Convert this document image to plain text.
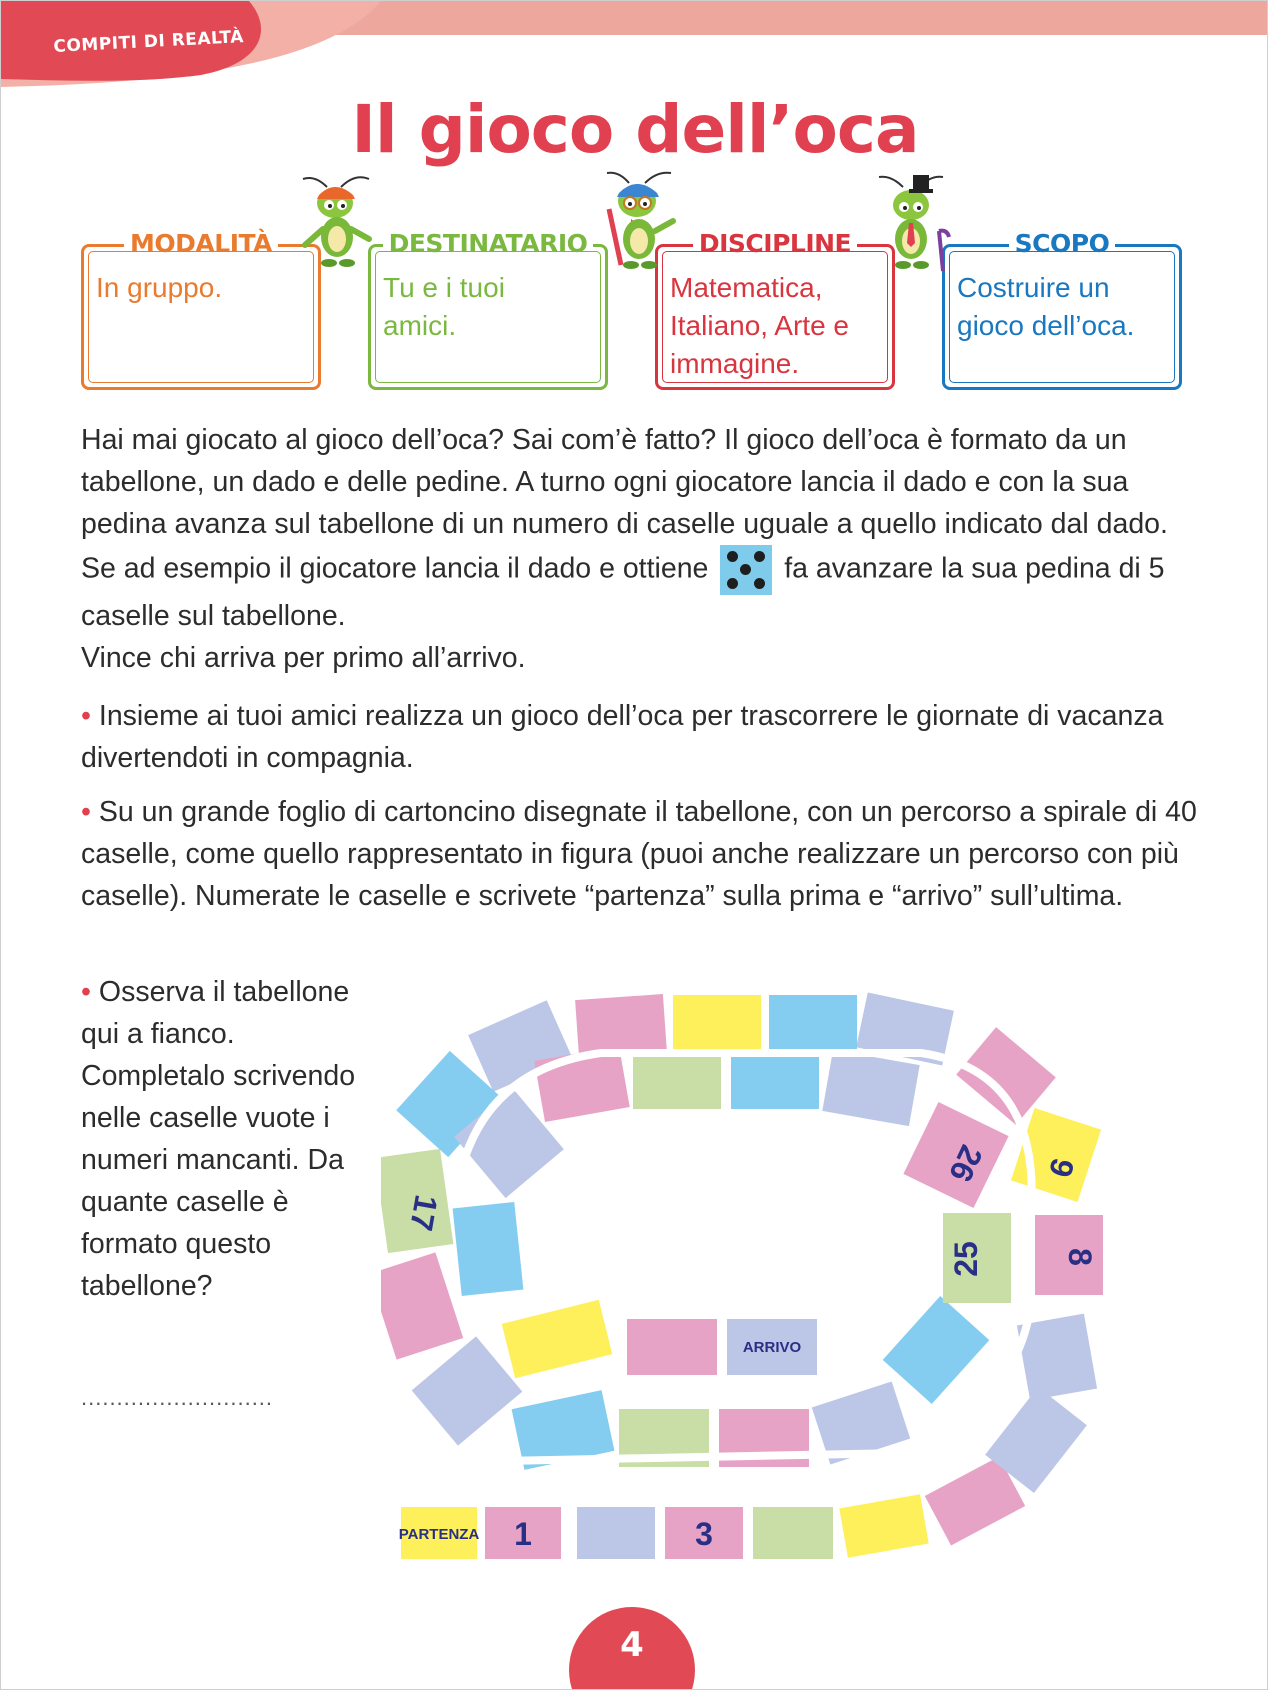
COMPITI DI REALTÀ
Il gioco dell’oca
MODALITÀ
In gruppo.
DESTINATARIO
Tu e i tuoi amici.
DISCIPLINE
Matematica, Italiano, Arte e immagine.
SCOPO
Costruire un gioco dell’oca.

Hai mai giocato al gioco dell’oca? Sai com’è fatto? Il gioco dell’oca è formato da un tabellone, un dado e delle pedine. A turno ogni giocatore lancia il dado e con la sua pedina avanza sul tabellone di un numero di caselle uguale a quello indicato dal dado. Se ad esempio il giocatore lancia il dado e ottiene	fa avanzare la sua pedina di 5 caselle sul tabellone.
Vince chi arriva per primo all’arrivo.

• Insieme ai tuoi amici realizza un gioco dell’oca per trascorrere le giornate di vacanza divertendoti in compagnia.

• Su un grande foglio di cartoncino disegnate il tabellone, con un percorso a spirale di 40 caselle, come quello rappresentato in figura (puoi anche realizzare un percorso con più caselle). Numerate le caselle e scrivete “partenza” sulla prima e “arrivo” sull’ultima.

• Osserva il tabellone qui a fianco. Completalo scrivendo nelle caselle vuote i numeri mancanti. Da quante caselle è formato questo tabellone?

...........................
PARTENZA
ARRIVO
1	3
8
9
17
25
26
4
